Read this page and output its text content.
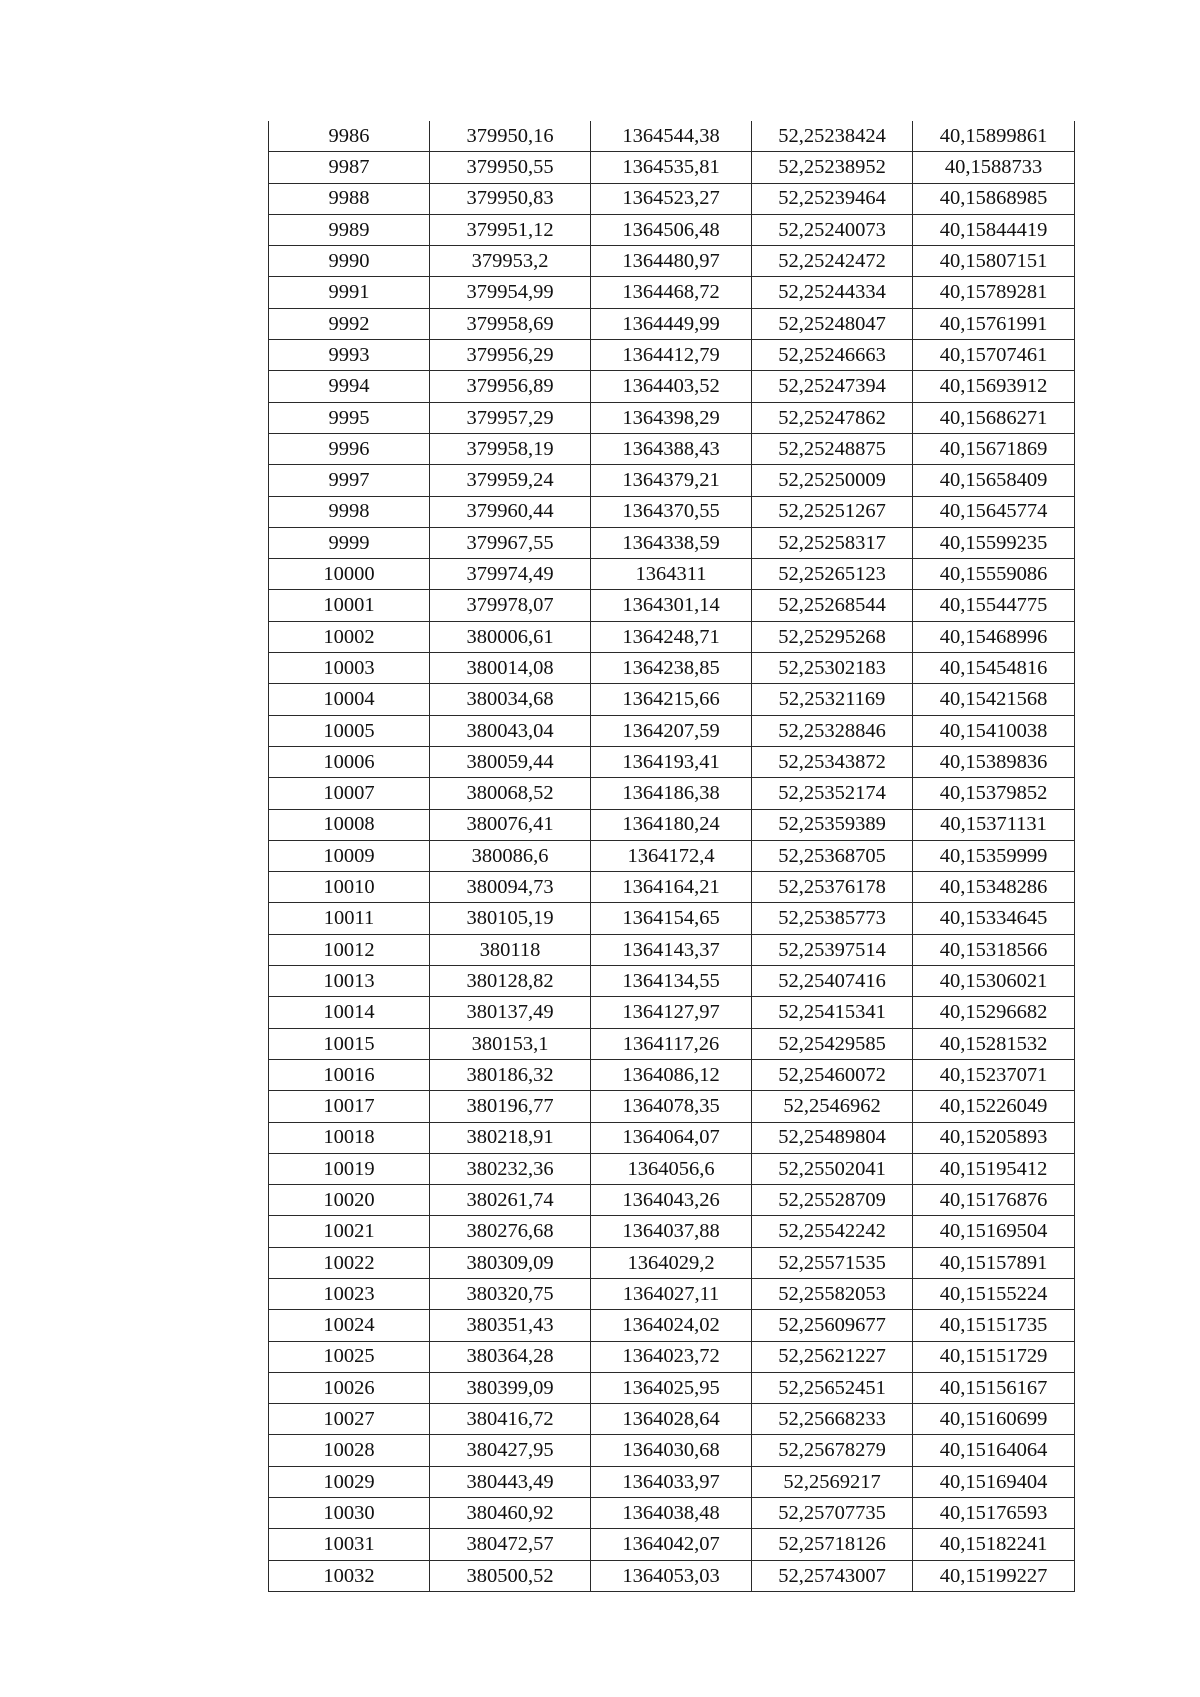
9986	379950,16	1364544,38	52,25238424	40,15899861
9987	379950,55	1364535,81	52,25238952	40,1588733
9988	379950,83	1364523,27	52,25239464	40,15868985
9989	379951,12	1364506,48	52,25240073	40,15844419
9990	379953,2	1364480,97	52,25242472	40,15807151
9991	379954,99	1364468,72	52,25244334	40,15789281
9992	379958,69	1364449,99	52,25248047	40,15761991
9993	379956,29	1364412,79	52,25246663	40,15707461
9994	379956,89	1364403,52	52,25247394	40,15693912
9995	379957,29	1364398,29	52,25247862	40,15686271
9996	379958,19	1364388,43	52,25248875	40,15671869
9997	379959,24	1364379,21	52,25250009	40,15658409
9998	379960,44	1364370,55	52,25251267	40,15645774
9999	379967,55	1364338,59	52,25258317	40,15599235
10000	379974,49	1364311	52,25265123	40,15559086
10001	379978,07	1364301,14	52,25268544	40,15544775
10002	380006,61	1364248,71	52,25295268	40,15468996
10003	380014,08	1364238,85	52,25302183	40,15454816
10004	380034,68	1364215,66	52,25321169	40,15421568
10005	380043,04	1364207,59	52,25328846	40,15410038
10006	380059,44	1364193,41	52,25343872	40,15389836
10007	380068,52	1364186,38	52,25352174	40,15379852
10008	380076,41	1364180,24	52,25359389	40,15371131
10009	380086,6	1364172,4	52,25368705	40,15359999
10010	380094,73	1364164,21	52,25376178	40,15348286
10011	380105,19	1364154,65	52,25385773	40,15334645
10012	380118	1364143,37	52,25397514	40,15318566
10013	380128,82	1364134,55	52,25407416	40,15306021
10014	380137,49	1364127,97	52,25415341	40,15296682
10015	380153,1	1364117,26	52,25429585	40,15281532
10016	380186,32	1364086,12	52,25460072	40,15237071
10017	380196,77	1364078,35	52,2546962	40,15226049
10018	380218,91	1364064,07	52,25489804	40,15205893
10019	380232,36	1364056,6	52,25502041	40,15195412
10020	380261,74	1364043,26	52,25528709	40,15176876
10021	380276,68	1364037,88	52,25542242	40,15169504
10022	380309,09	1364029,2	52,25571535	40,15157891
10023	380320,75	1364027,11	52,25582053	40,15155224
10024	380351,43	1364024,02	52,25609677	40,15151735
10025	380364,28	1364023,72	52,25621227	40,15151729
10026	380399,09	1364025,95	52,25652451	40,15156167
10027	380416,72	1364028,64	52,25668233	40,15160699
10028	380427,95	1364030,68	52,25678279	40,15164064
10029	380443,49	1364033,97	52,2569217	40,15169404
10030	380460,92	1364038,48	52,25707735	40,15176593
10031	380472,57	1364042,07	52,25718126	40,15182241
10032	380500,52	1364053,03	52,25743007	40,15199227
